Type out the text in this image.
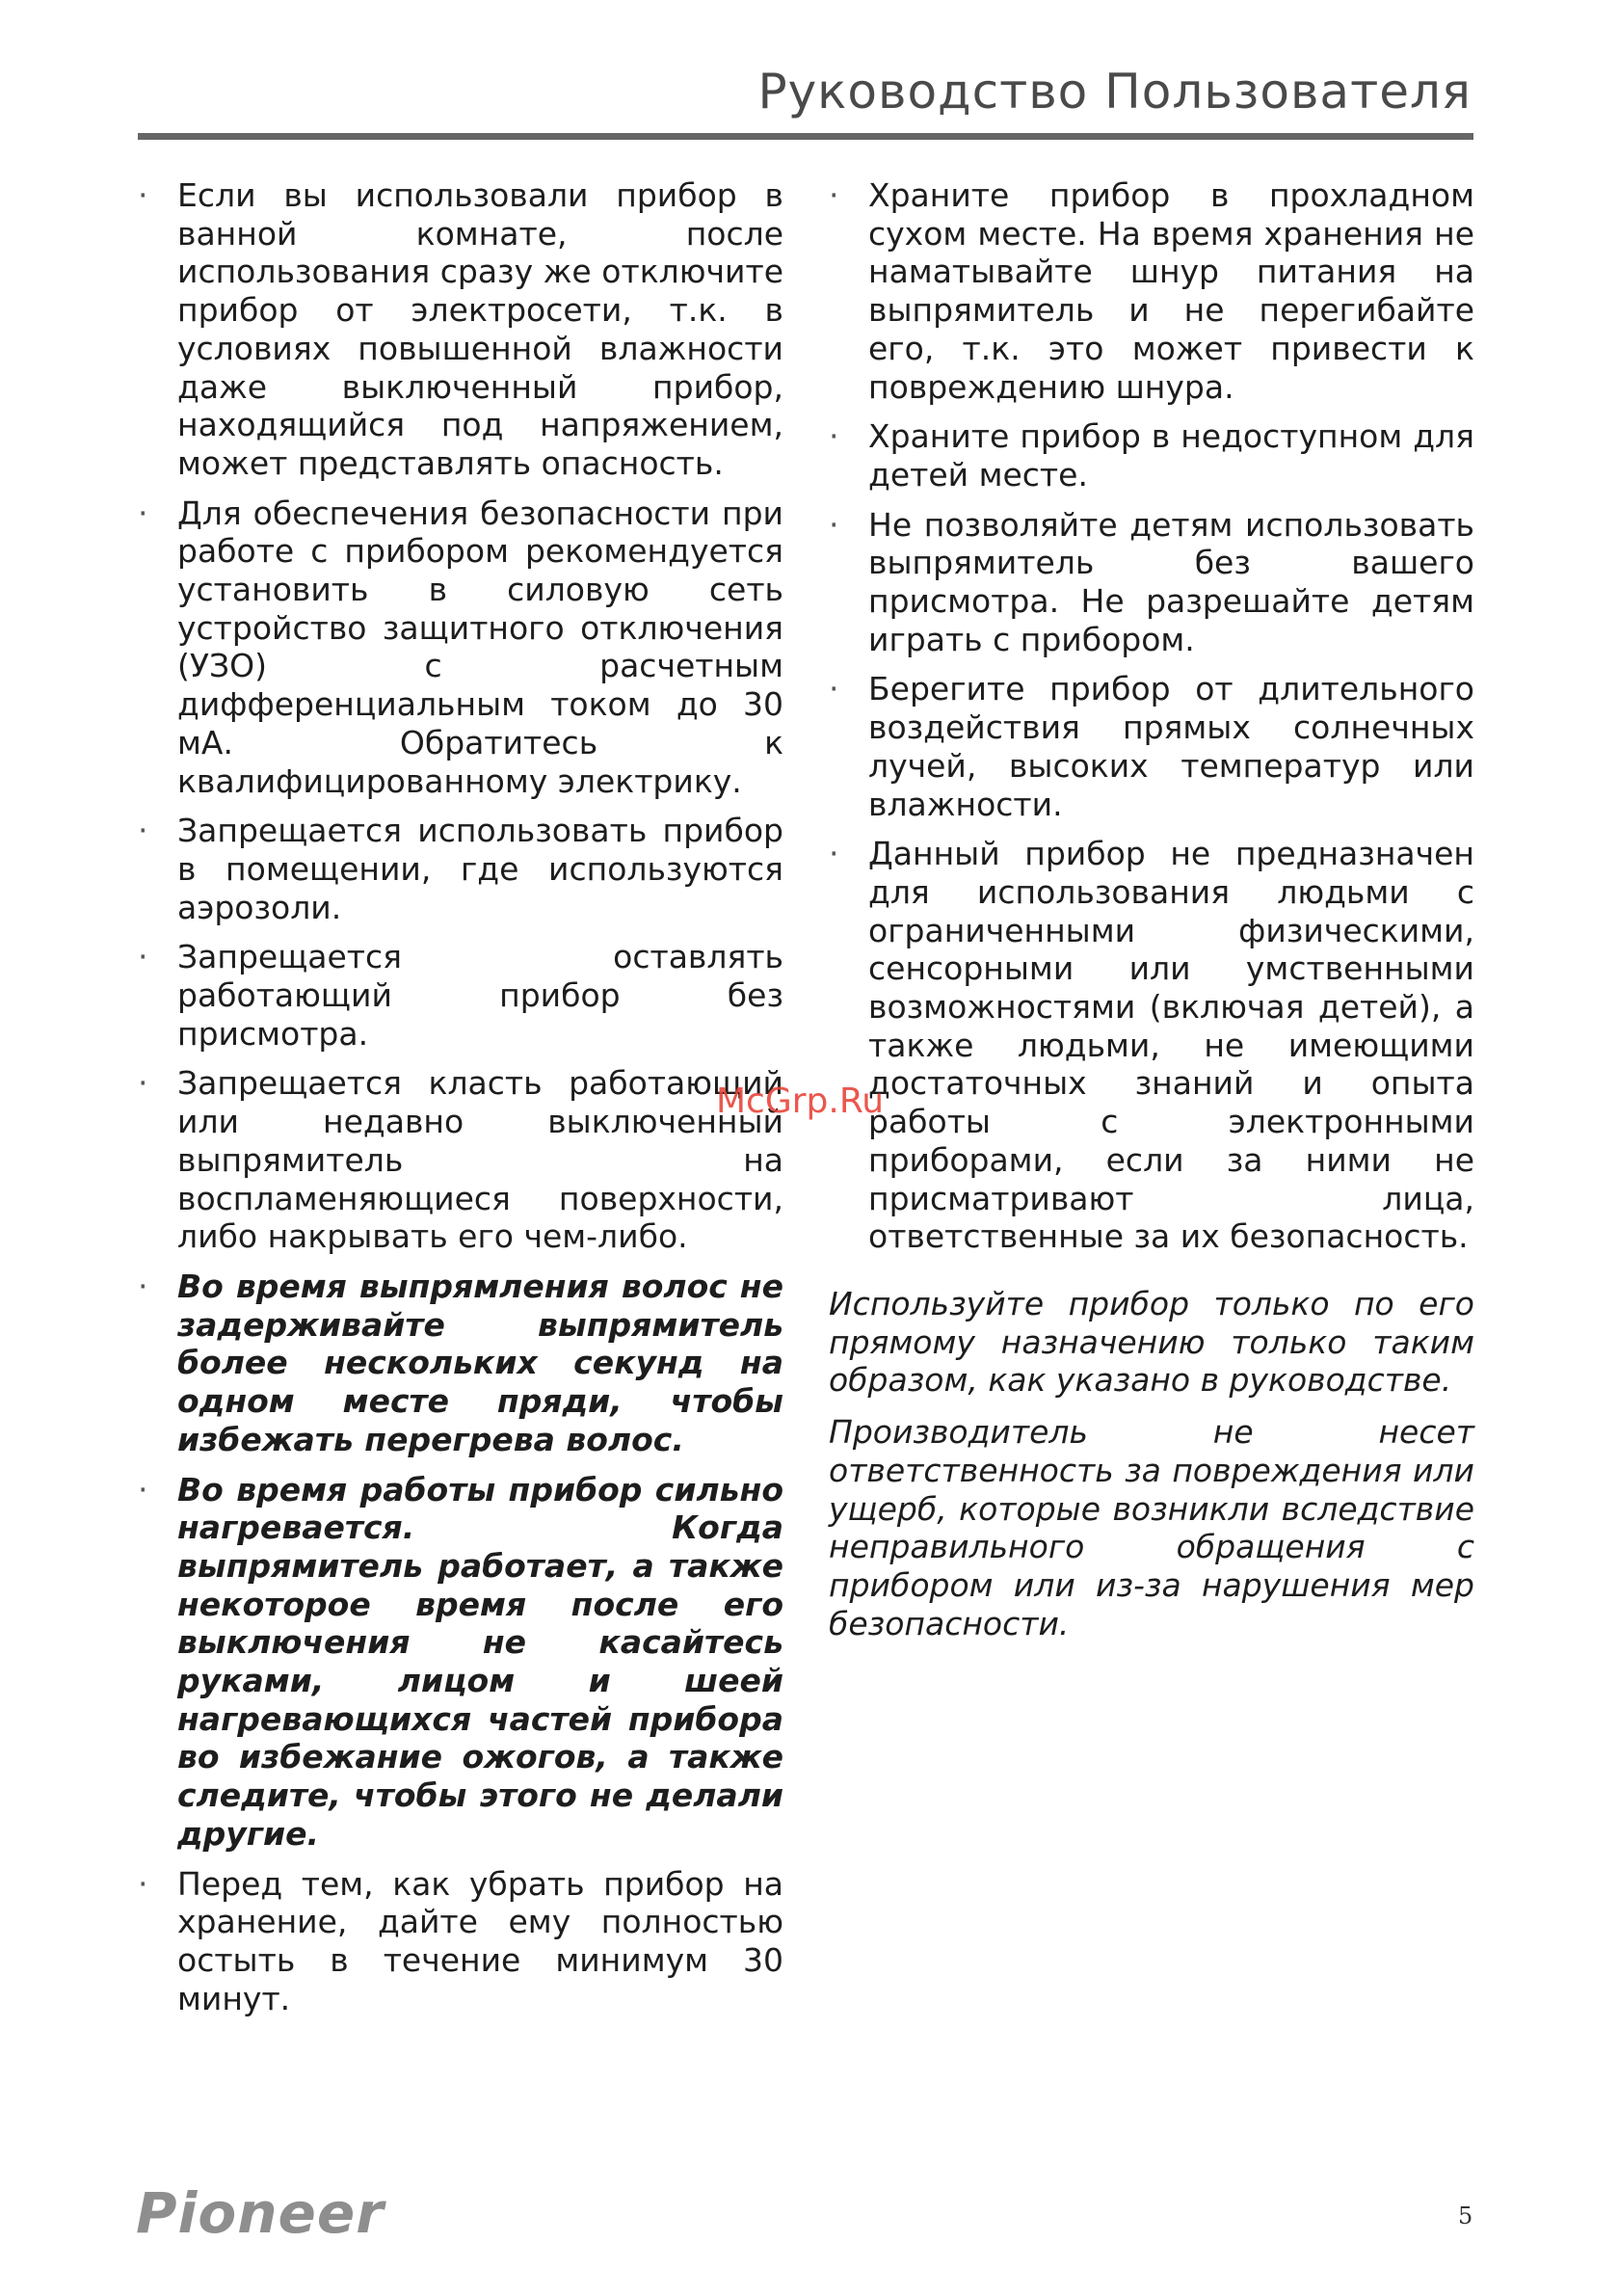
Руководство Пользователя
· Если вы использовали прибор в ванной комнате, после использования сразу же отключите прибор от электросети, т.к. в условиях повышенной влажности даже выключенный прибор, находящийся под напряжением, может представлять опасность.
· Для обеспечения безопасности при работе с прибором рекомендуется установить в силовую сеть устройство защитного отключения (УЗО) с расчетным дифференциальным током до 30 мА. Обратитесь к квалифицированному электрику.
· Запрещается использовать прибор в помещении, где используются аэрозоли.
· Запрещается оставлять работающий прибор без присмотра.
· Запрещается класть работающий или недавно выключенный выпрямитель на воспламеняющиеся поверхности, либо накрывать его чем-либо.
· Во время выпрямления волос не задерживайте выпрямитель более нескольких секунд на одном месте пряди, чтобы избежать перегрева волос.
· Во время работы прибор сильно нагревается. Когда выпрямитель работает, а также некоторое время после его выключения не касайтесь руками, лицом и шеей нагревающихся частей прибора во избежание ожогов, а также следите, чтобы этого не делали другие.
· Перед тем, как убрать прибор на хранение, дайте ему полностью остыть в течение минимум 30 минут.
· Храните прибор в прохладном сухом месте. На время хранения не наматывайте шнур питания на выпрямитель и не перегибайте его, т.к. это может привести к повреждению шнура.
· Храните прибор в недоступном для детей месте.
· Не позволяйте детям использовать выпрямитель без вашего присмотра. Не разрешайте детям играть с прибором.
· Берегите прибор от длительного воздействия прямых солнечных лучей, высоких температур или влажности.
· Данный прибор не предназначен для использования людьми с ограниченными физическими, сенсорными или умственными возможностями (включая детей), а также людьми, не имеющими достаточных знаний и опыта работы с электронными приборами, если за ними не присматривают лица, ответственные за их безопасность.

Используйте прибор только по его прямому назначению только таким образом, как указано в руководстве.

Производитель не несет ответственность за повреждения или ущерб, которые возникли вследствие неправильного обращения с прибором или из-за нарушения мер безопасности.

McGrp.Ru
Pioneer	5
